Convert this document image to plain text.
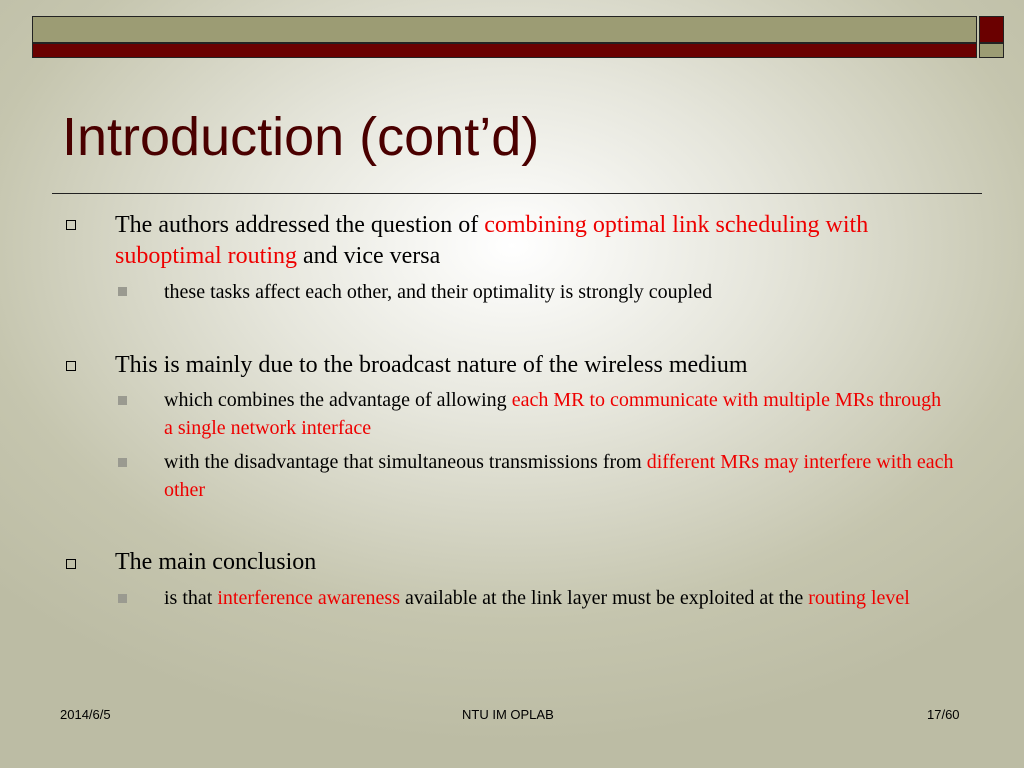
Introduction (cont’d)
The authors addressed the question of combining optimal link scheduling with suboptimal routing and vice versa
these tasks affect each other, and their optimality is strongly coupled
This is mainly due to the broadcast nature of the wireless medium
which combines the advantage of allowing each MR to communicate with multiple MRs through a single network interface
with the disadvantage that simultaneous transmissions from different MRs may interfere with each other
The main conclusion
is that interference awareness available at the link layer must be exploited at the routing level
2014/6/5	NTU IM OPLAB	17/60
